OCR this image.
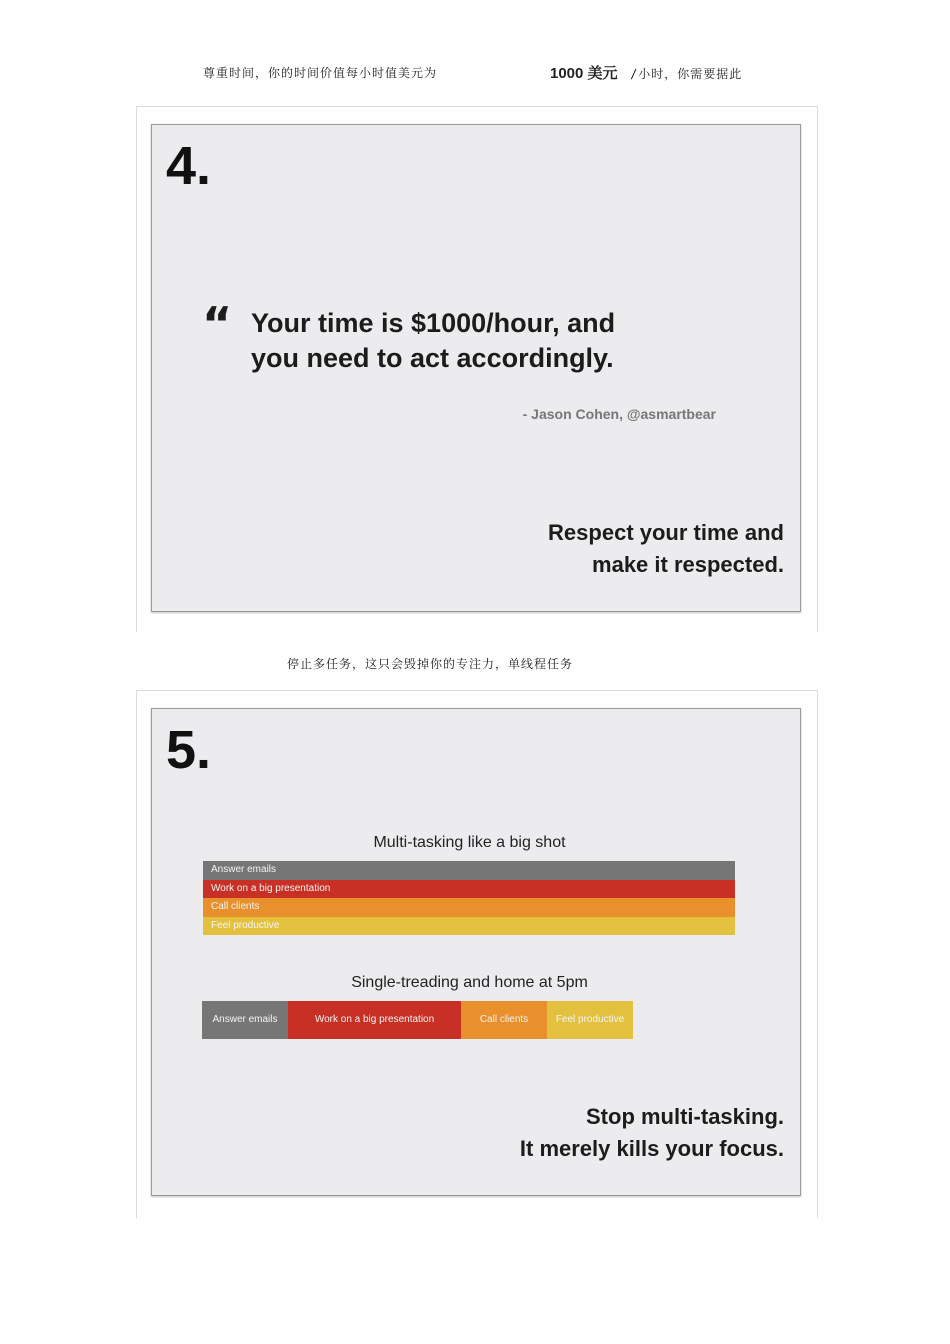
尊重时间，你的时间价值每小时值美元为	1000 美元 /小时，你需要据此
4.
“ Your time is $1000/hour, and
you need to act accordingly.
- Jason Cohen, @asmartbear
Respect your time and
make it respected.
停止多任务，这只会毁掉你的专注力，单线程任务
5.
Multi-tasking like a big shot
Answer emails
Work on a big presentation
Call clients
Feel productive
Single-treading and home at 5pm
Answer emails	Work on a big presentation	Call clients	Feel productive
Stop multi-tasking.
It merely kills your focus.
